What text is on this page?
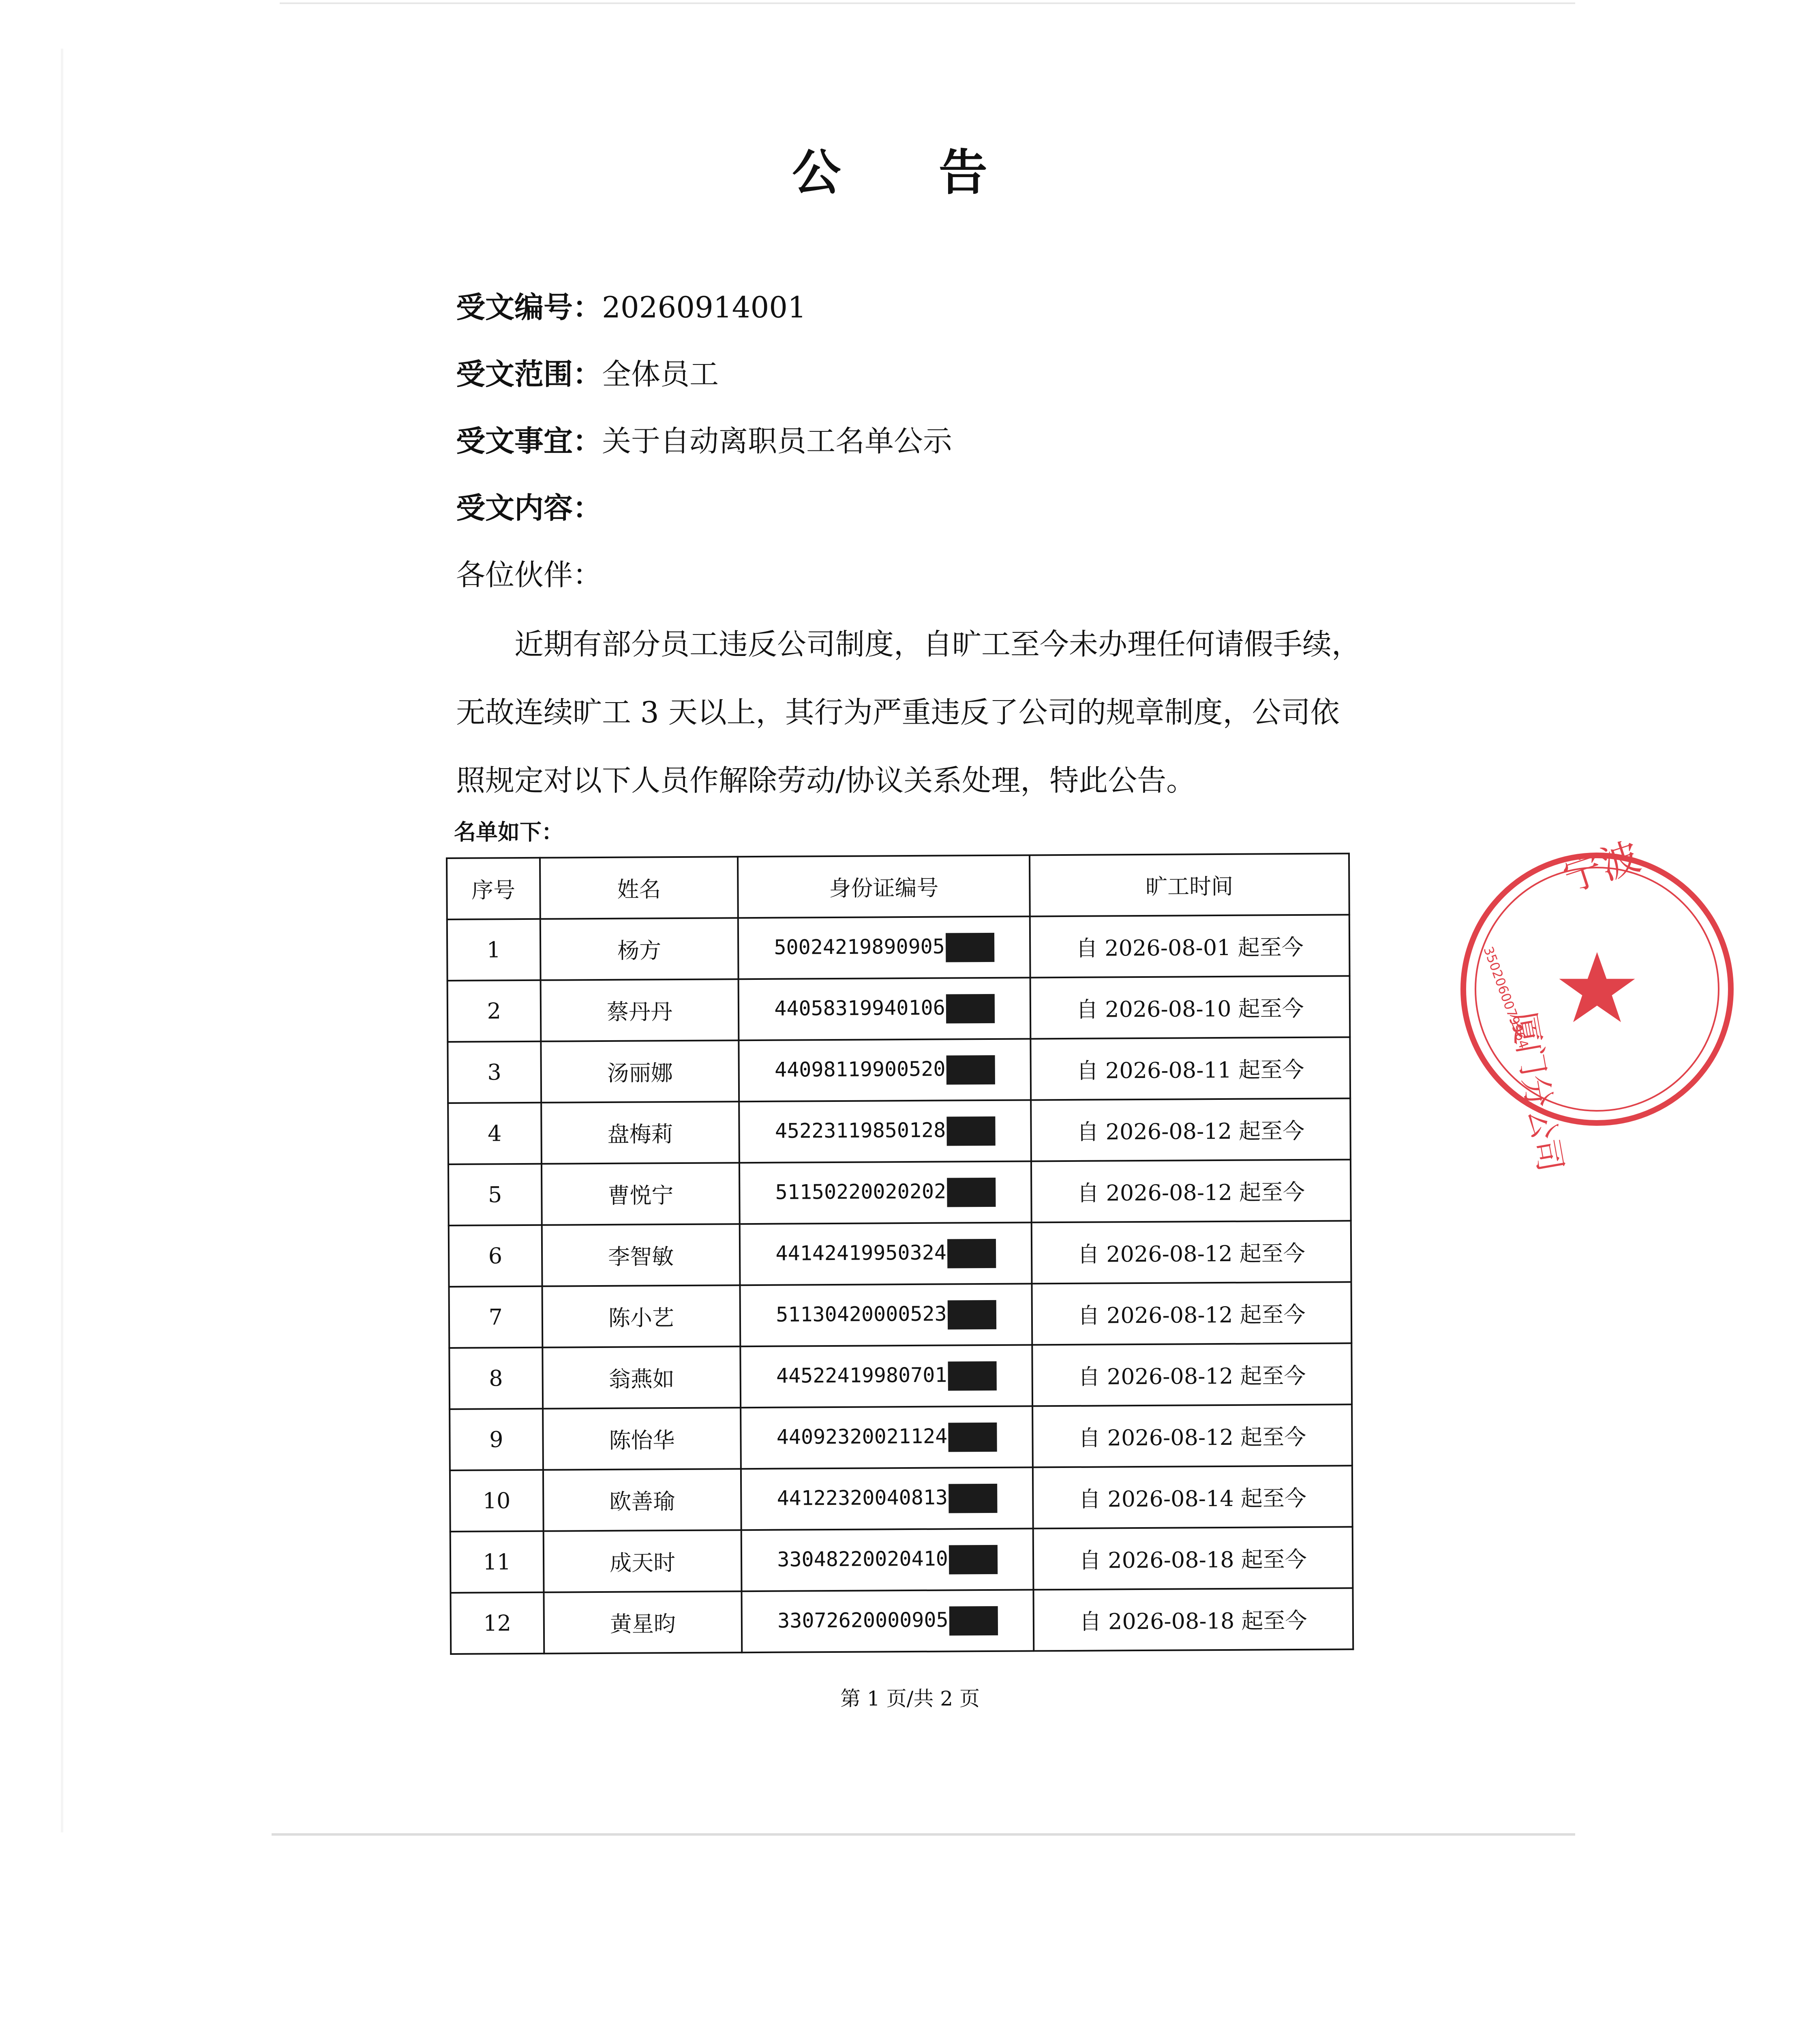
公 告
受文编号：20260914001
受文范围：全体员工
受文事宜：关于自动离职员工名单公示
受文内容：
各位伙伴：
近期有部分员工违反公司制度，自旷工至今未办理任何请假手续，
无故连续旷工 3 天以上，其行为严重违反了公司的规章制度，公司依
照规定对以下人员作解除劳动/协议关系处理，特此公告。
名单如下：
序号	姓名	身份证编号	旷工时间
1	杨方	50024219890905	自 2026-08-01 起至今
2	蔡丹丹	44058319940106	自 2026-08-10 起至今
3	汤丽娜	44098119900520	自 2026-08-11 起至今
4	盘梅莉	45223119850128	自 2026-08-12 起至今
5	曹悦宁	51150220020202	自 2026-08-12 起至今
6	李智敏	44142419950324	自 2026-08-12 起至今
7	陈小艺	51130420000523	自 2026-08-12 起至今
8	翁燕如	44522419980701	自 2026-08-12 起至今
9	陈怡华	44092320021124	自 2026-08-12 起至今
10	欧善瑜	44122320040813	自 2026-08-14 起至今
11	成天时	33048220020410	自 2026-08-18 起至今
12	黄星昀	33072620000905	自 2026-08-18 起至今
第 1 页/共 2 页
宁波
厦门分公司
3502060079964
